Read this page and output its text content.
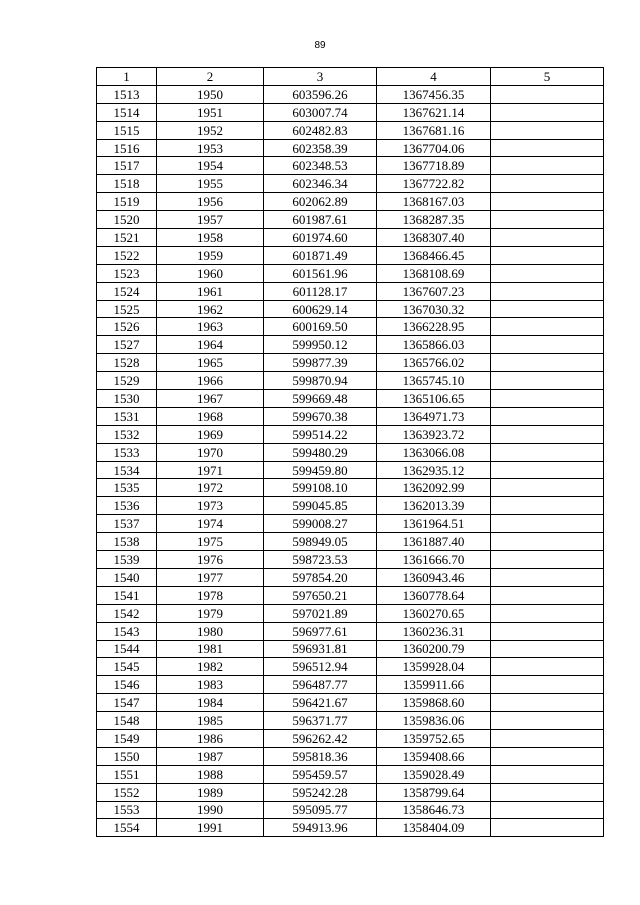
89
1	2	3	4	5
1513	1950	603596.26	1367456.35	
1514	1951	603007.74	1367621.14	
1515	1952	602482.83	1367681.16	
1516	1953	602358.39	1367704.06	
1517	1954	602348.53	1367718.89	
1518	1955	602346.34	1367722.82	
1519	1956	602062.89	1368167.03	
1520	1957	601987.61	1368287.35	
1521	1958	601974.60	1368307.40	
1522	1959	601871.49	1368466.45	
1523	1960	601561.96	1368108.69	
1524	1961	601128.17	1367607.23	
1525	1962	600629.14	1367030.32	
1526	1963	600169.50	1366228.95	
1527	1964	599950.12	1365866.03	
1528	1965	599877.39	1365766.02	
1529	1966	599870.94	1365745.10	
1530	1967	599669.48	1365106.65	
1531	1968	599670.38	1364971.73	
1532	1969	599514.22	1363923.72	
1533	1970	599480.29	1363066.08	
1534	1971	599459.80	1362935.12	
1535	1972	599108.10	1362092.99	
1536	1973	599045.85	1362013.39	
1537	1974	599008.27	1361964.51	
1538	1975	598949.05	1361887.40	
1539	1976	598723.53	1361666.70	
1540	1977	597854.20	1360943.46	
1541	1978	597650.21	1360778.64	
1542	1979	597021.89	1360270.65	
1543	1980	596977.61	1360236.31	
1544	1981	596931.81	1360200.79	
1545	1982	596512.94	1359928.04	
1546	1983	596487.77	1359911.66	
1547	1984	596421.67	1359868.60	
1548	1985	596371.77	1359836.06	
1549	1986	596262.42	1359752.65	
1550	1987	595818.36	1359408.66	
1551	1988	595459.57	1359028.49	
1552	1989	595242.28	1358799.64	
1553	1990	595095.77	1358646.73	
1554	1991	594913.96	1358404.09	
